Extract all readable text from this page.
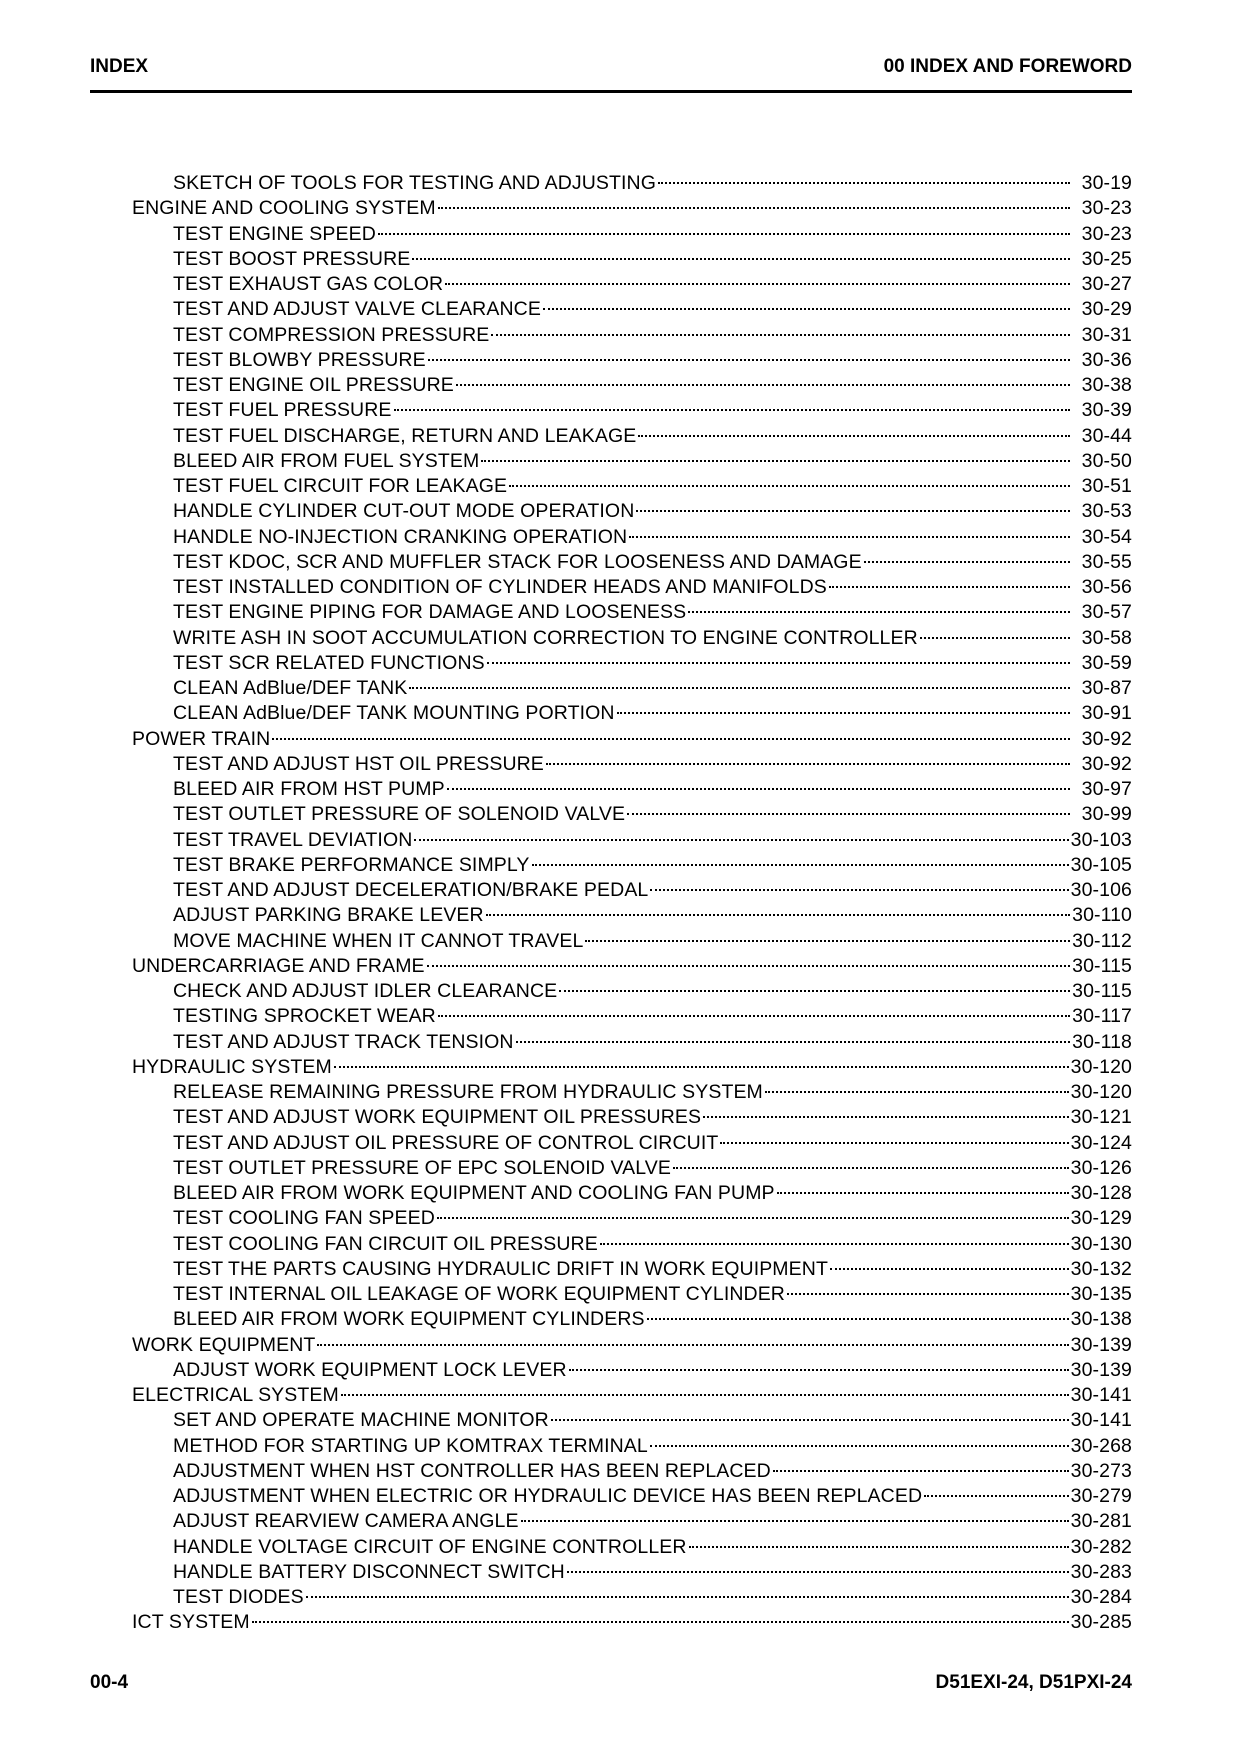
INDEX	00 INDEX AND FOREWORD
SKETCH OF TOOLS FOR TESTING AND ADJUSTING	30-19
ENGINE AND COOLING SYSTEM	30-23
TEST ENGINE SPEED	30-23
TEST BOOST PRESSURE	30-25
TEST EXHAUST GAS COLOR	30-27
TEST AND ADJUST VALVE CLEARANCE	30-29
TEST COMPRESSION PRESSURE	30-31
TEST BLOWBY PRESSURE	30-36
TEST ENGINE OIL PRESSURE	30-38
TEST FUEL PRESSURE	30-39
TEST FUEL DISCHARGE, RETURN AND LEAKAGE	30-44
BLEED AIR FROM FUEL SYSTEM	30-50
TEST FUEL CIRCUIT FOR LEAKAGE	30-51
HANDLE CYLINDER CUT-OUT MODE OPERATION	30-53
HANDLE NO-INJECTION CRANKING OPERATION	30-54
TEST KDOC, SCR AND MUFFLER STACK FOR LOOSENESS AND DAMAGE	30-55
TEST INSTALLED CONDITION OF CYLINDER HEADS AND MANIFOLDS	30-56
TEST ENGINE PIPING FOR DAMAGE AND LOOSENESS	30-57
WRITE ASH IN SOOT ACCUMULATION CORRECTION TO ENGINE CONTROLLER	30-58
TEST SCR RELATED FUNCTIONS	30-59
CLEAN AdBlue/DEF TANK	30-87
CLEAN AdBlue/DEF TANK MOUNTING PORTION	30-91
POWER TRAIN	30-92
TEST AND ADJUST HST OIL PRESSURE	30-92
BLEED AIR FROM HST PUMP	30-97
TEST OUTLET PRESSURE OF SOLENOID VALVE	30-99
TEST TRAVEL DEVIATION	30-103
TEST BRAKE PERFORMANCE SIMPLY	30-105
TEST AND ADJUST DECELERATION/BRAKE PEDAL	30-106
ADJUST PARKING BRAKE LEVER	30-110
MOVE MACHINE WHEN IT CANNOT TRAVEL	30-112
UNDERCARRIAGE AND FRAME	30-115
CHECK AND ADJUST IDLER CLEARANCE	30-115
TESTING SPROCKET WEAR	30-117
TEST AND ADJUST TRACK TENSION	30-118
HYDRAULIC SYSTEM	30-120
RELEASE REMAINING PRESSURE FROM HYDRAULIC SYSTEM	30-120
TEST AND ADJUST WORK EQUIPMENT OIL PRESSURES	30-121
TEST AND ADJUST OIL PRESSURE OF CONTROL CIRCUIT	30-124
TEST OUTLET PRESSURE OF EPC SOLENOID VALVE	30-126
BLEED AIR FROM WORK EQUIPMENT AND COOLING FAN PUMP	30-128
TEST COOLING FAN SPEED	30-129
TEST COOLING FAN CIRCUIT OIL PRESSURE	30-130
TEST THE PARTS CAUSING HYDRAULIC DRIFT IN WORK EQUIPMENT	30-132
TEST INTERNAL OIL LEAKAGE OF WORK EQUIPMENT CYLINDER	30-135
BLEED AIR FROM WORK EQUIPMENT CYLINDERS	30-138
WORK EQUIPMENT	30-139
ADJUST WORK EQUIPMENT LOCK LEVER	30-139
ELECTRICAL SYSTEM	30-141
SET AND OPERATE MACHINE MONITOR	30-141
METHOD FOR STARTING UP KOMTRAX TERMINAL	30-268
ADJUSTMENT WHEN HST CONTROLLER HAS BEEN REPLACED	30-273
ADJUSTMENT WHEN ELECTRIC OR HYDRAULIC DEVICE HAS BEEN REPLACED	30-279
ADJUST REARVIEW CAMERA ANGLE	30-281
HANDLE VOLTAGE CIRCUIT OF ENGINE CONTROLLER	30-282
HANDLE BATTERY DISCONNECT SWITCH	30-283
TEST DIODES	30-284
ICT SYSTEM	30-285
00-4	D51EXI-24, D51PXI-24
